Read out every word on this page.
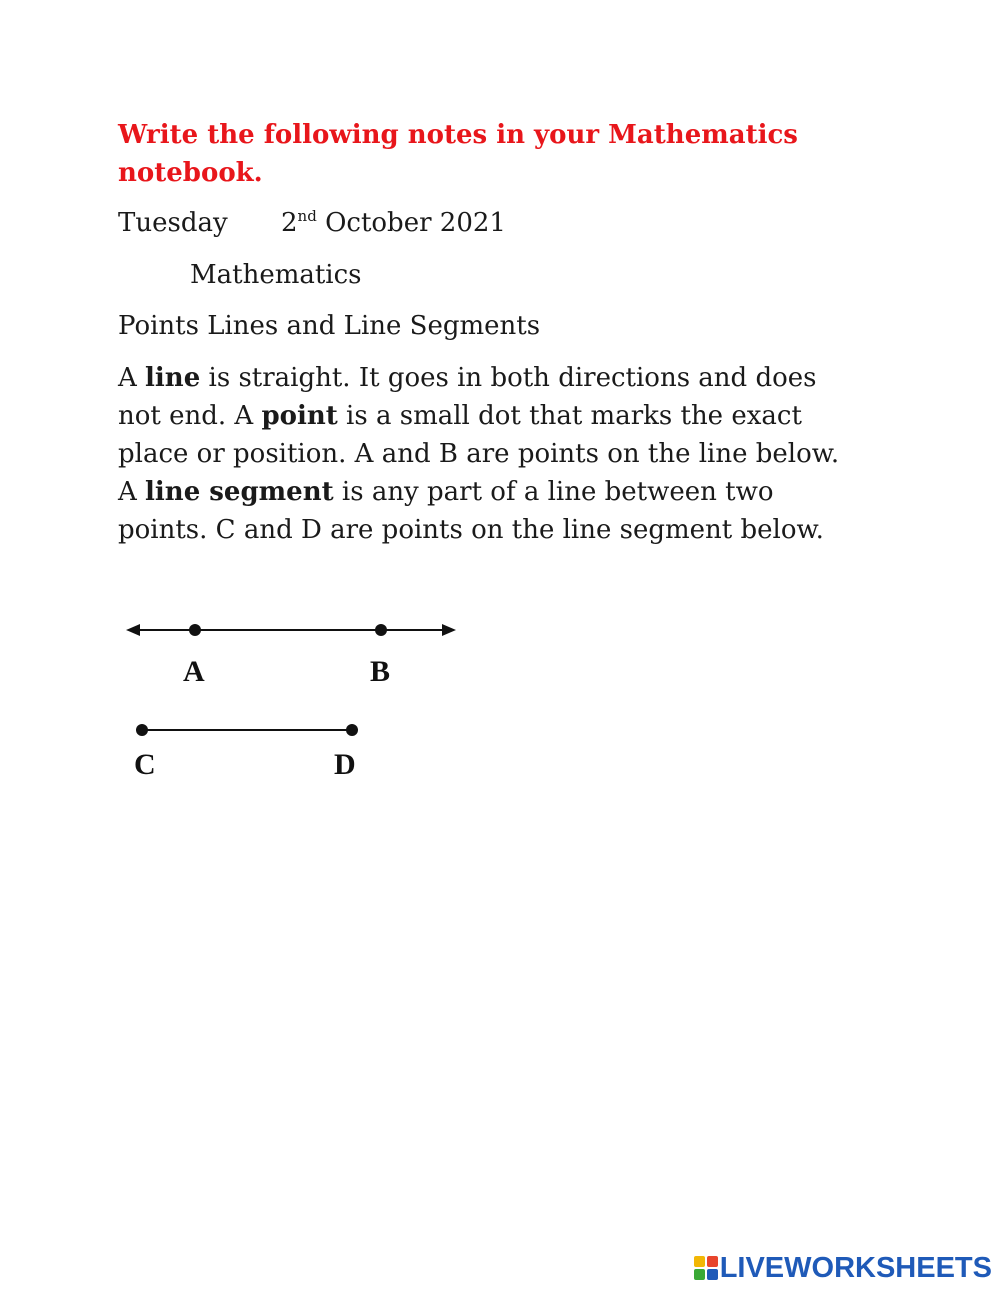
Write the following notes in your Mathematics notebook.
Tuesday 2nd October 2021
Mathematics
Points Lines and Line Segments
A line is straight. It goes in both directions and does
not end. A point is a small dot that marks the exact
place or position. A and B are points on the line below.
A line segment is any part of a line between two
points. C and D are points on the line segment below.
A	B
C	D
LIVEWORKSHEETS
